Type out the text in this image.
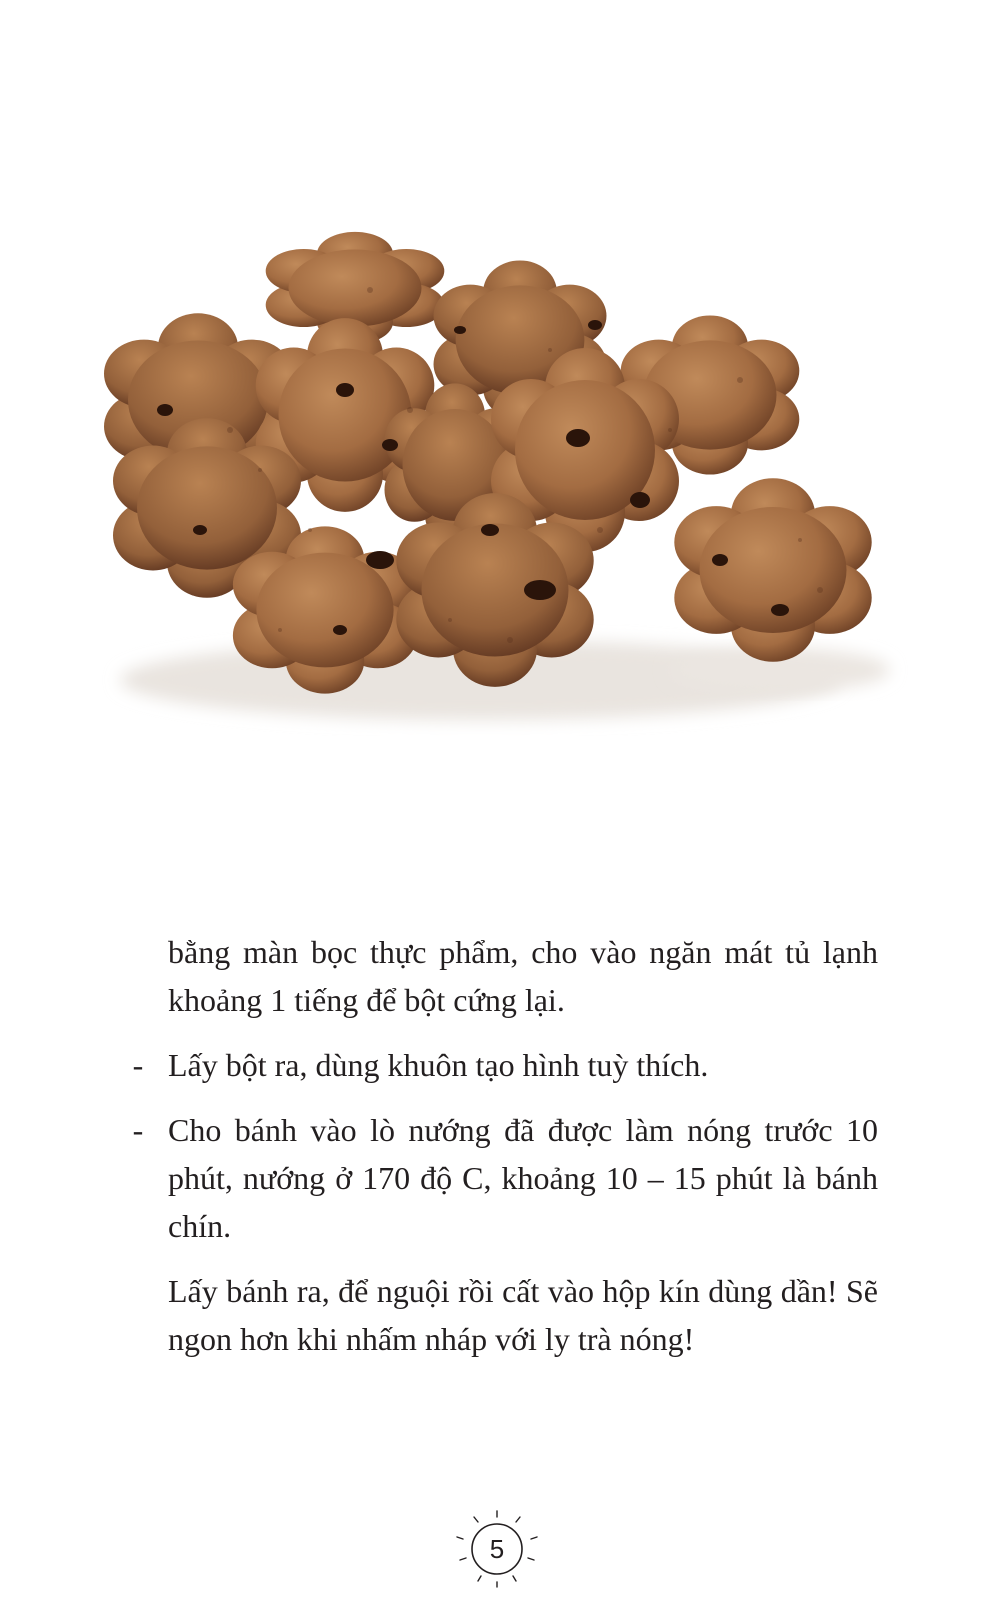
bằng màn bọc thực phẩm, cho vào ngăn mát tủ lạnh khoảng 1 tiếng để bột cứng lại.

- Lấy bột ra, dùng khuôn tạo hình tuỳ thích.
- Cho bánh vào lò nướng đã được làm nóng trước 10 phút, nướng ở 170 độ C, khoảng 10 – 15 phút là bánh chín.

Lấy bánh ra, để nguội rồi cất vào hộp kín dùng dần! Sẽ ngon hơn khi nhấm nháp với ly trà nóng!

5
